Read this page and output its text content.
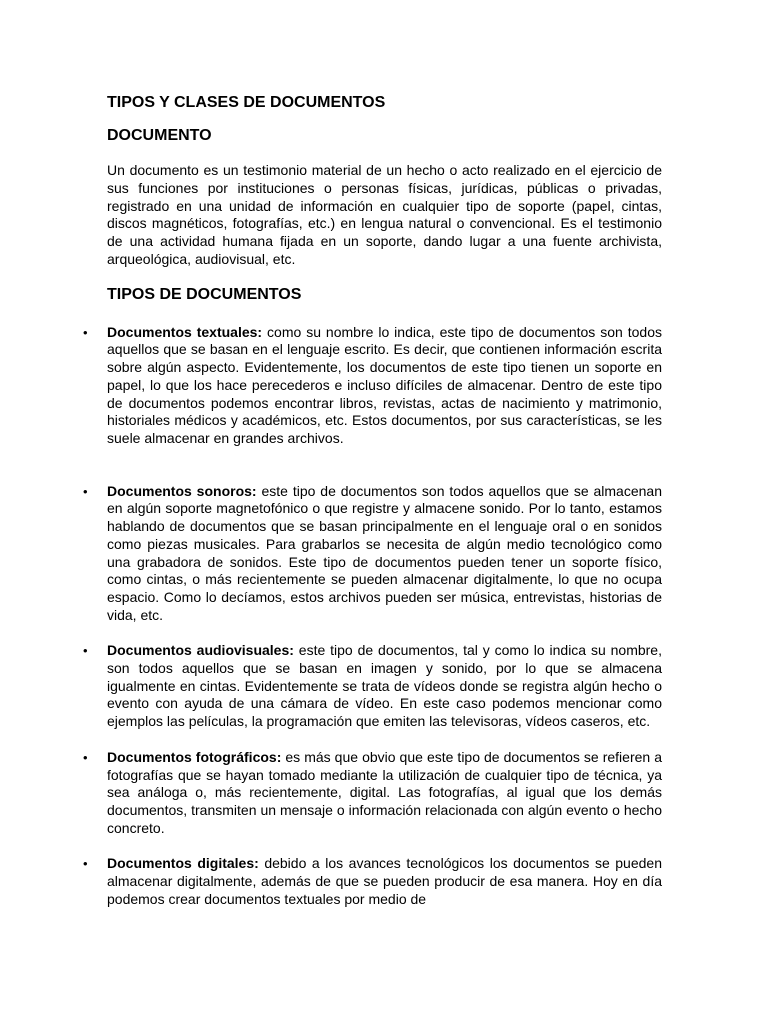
TIPOS Y CLASES DE DOCUMENTOS
DOCUMENTO

Un documento es un testimonio material de un hecho o acto realizado en el ejercicio de sus funciones por instituciones o personas físicas, jurídicas, públicas o privadas, registrado en una unidad de información en cualquier tipo de soporte (papel, cintas, discos magnéticos, fotografías, etc.) en lengua natural o convencional. Es el testimonio de una actividad humana fijada en un soporte, dando lugar a una fuente archivista, arqueológica, audiovisual, etc.

TIPOS DE DOCUMENTOS
• Documentos textuales: como su nombre lo indica, este tipo de documentos son todos aquellos que se basan en el lenguaje escrito. Es decir, que contienen información escrita sobre algún aspecto. Evidentemente, los documentos de este tipo tienen un soporte en papel, lo que los hace perecederos e incluso difíciles de almacenar. Dentro de este tipo de documentos podemos encontrar libros, revistas, actas de nacimiento y matrimonio, historiales médicos y académicos, etc. Estos documentos, por sus características, se les suele almacenar en grandes archivos.
• Documentos sonoros: este tipo de documentos son todos aquellos que se almacenan en algún soporte magnetofónico o que registre y almacene sonido. Por lo tanto, estamos hablando de documentos que se basan principalmente en el lenguaje oral o en sonidos como piezas musicales. Para grabarlos se necesita de algún medio tecnológico como una grabadora de sonidos. Este tipo de documentos pueden tener un soporte físico, como cintas, o más recientemente se pueden almacenar digitalmente, lo que no ocupa espacio. Como lo decíamos, estos archivos pueden ser música, entrevistas, historias de vida, etc.
• Documentos audiovisuales: este tipo de documentos, tal y como lo indica su nombre, son todos aquellos que se basan en imagen y sonido, por lo que se almacena igualmente en cintas. Evidentemente se trata de vídeos donde se registra algún hecho o evento con ayuda de una cámara de vídeo. En este caso podemos mencionar como ejemplos las películas, la programación que emiten las televisoras, vídeos caseros, etc.
• Documentos fotográficos: es más que obvio que este tipo de documentos se refieren a fotografías que se hayan tomado mediante la utilización de cualquier tipo de técnica, ya sea análoga o, más recientemente, digital. Las fotografías, al igual que los demás documentos, transmiten un mensaje o información relacionada con algún evento o hecho concreto.
• Documentos digitales: debido a los avances tecnológicos los documentos se pueden almacenar digitalmente, además de que se pueden producir de esa manera. Hoy en día podemos crear documentos textuales por medio de
